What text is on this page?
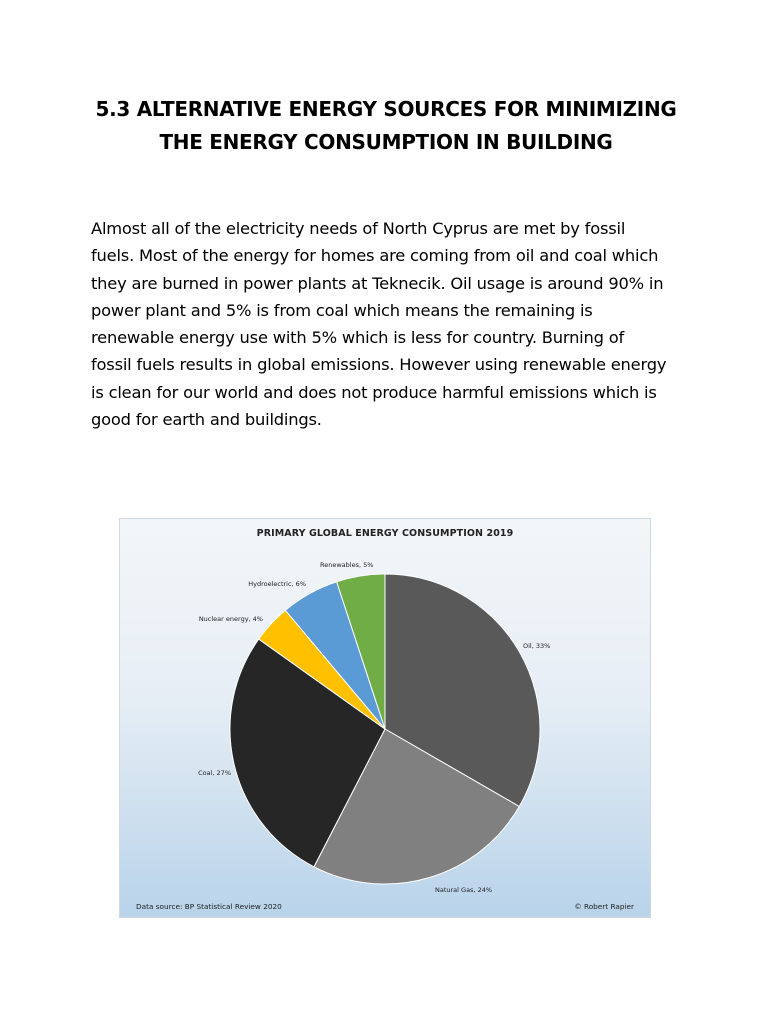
5.3 ALTERNATIVE ENERGY SOURCES FOR MINIMIZING
THE ENERGY CONSUMPTION IN BUILDING
Almost all of the electricity needs of North Cyprus are met by fossil
fuels. Most of the energy for homes are coming from oil and coal which
they are burned in power plants at Teknecik. Oil usage is around 90% in
power plant and 5% is from coal which means the remaining is
renewable energy use with 5% which is less for country. Burning of
fossil fuels results in global emissions. However using renewable energy
is clean for our world and does not produce harmful emissions which is
good for earth and buildings.
PRIMARY GLOBAL ENERGY CONSUMPTION 2019
Oil, 33%
Natural Gas, 24%
Coal, 27%
Nuclear energy, 4%
Hydroelectric, 6%
Renewables, 5%
Data source: BP Statistical Review 2020	© Robert Rapier
